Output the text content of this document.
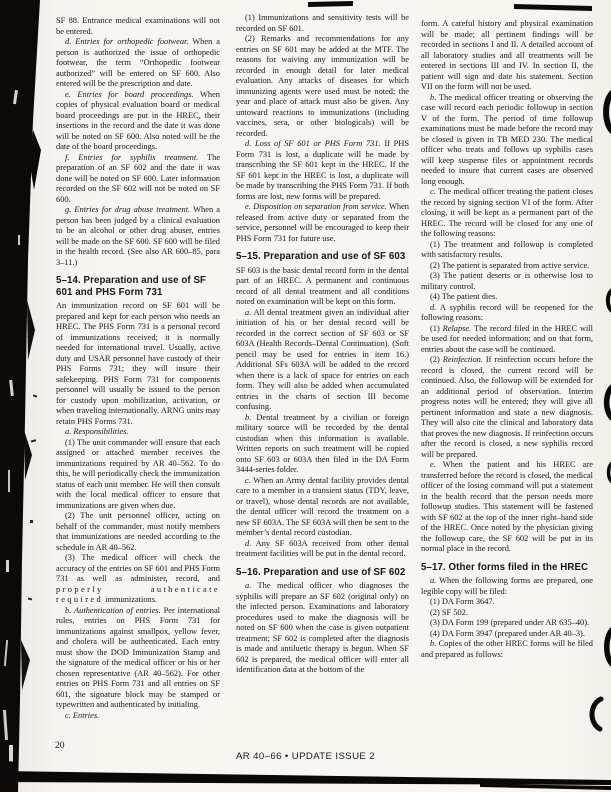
SF 88. Entrance medical examinations will not be entered.

d. Entries for orthopedic footwear. When a person is authorized the issue of orthopedic footwear, the term “Orthopedic footwear authorized” will be entered on SF 600. Also entered will be the prescription and date.

e. Entries for board proceedings. When copies of physical evaluation board or medical board proceedings are put in the HREC, their insertions in the record and the date it was done will be noted on SF 600. Also noted will be the date of the board proceedings.

f. Entries for syphilis treatment. The preparation of an SF 602 and the date it was done will be noted on SF 600. Later information recorded on the SF 602 will not be noted on SF 600.

g. Entries for drug abuse treatment. When a person has been judged by a clinical evaluation to be an alcohol or other drug abuser, entries will be made on the SF 600. SF 600 will be filed in the health record. (See also AR 600–85, para 3–11.)

5–14. Preparation and use of SF 601 and PHS Form 731

An immunization record on SF 601 will be prepared and kept for each person who needs an HREC. The PHS Form 731 is a personal record of immunizations received; it is normally needed for international travel. Usually, active duty and USAR personnel have custody of their PHS Forms 731; they will insure their safekeeping. PHS Form 731 for components personnel will usually be issued to the person for custody upon mobilization, activation, or when traveling internationally. ARNG units may retain PHS Forms 731.

a. Responsibilities.

(1) The unit commander will ensure that each assigned or attached member receives the immunizations required by AR 40–562. To do this, he will periodically check the immunization status of each unit member. He will then consult with the local medical officer to ensure that immunizations are given when due.

(2) The unit personnel officer, acting on behalf of the commander, must notify members that immunizations are needed according to the schedule in AR 40–562.

(3) The medical officer will check the accuracy of the entries on SF 601 and PHS Form 731 as well as administer, record, and properly authenticate required immunizations.

b. Authentication of entries. Per international rules, entries on PHS Form 731 for immunizations against smallpox, yellow fever, and cholera will be authenticated. Each entry must show the DOD Immunization Stamp and the signature of the medical officer or his or her chosen representative (AR 40–562). For other entries on PHS Form 731 and all entries on SF 601, the signature block may be stamped or typewritten and authenticated by initialing.

c. Entries.

(1) Immunizations and sensitivity tests will be recorded on SF 601.

(2) Remarks and recommendations for any entries on SF 601 may be added at the MTF. The reasons for waiving any immunization will be recorded in enough detail for later medical evaluation. Any attacks of diseases for which immunizing agents were used must be noted; the year and place of attack must also be given. Any untoward reactions to immunizations (including vaccines, sera, or other biologicals) will be recorded.

d. Loss of SF 601 or PHS Form 731. If PHS Form 731 is lost, a duplicate will be made by transcribing the SF 601 kept in the HREC. If the SF 601 kept in the HREC is lost, a duplicate will be made by transcribing the PHS Form 731. If both forms are lost, new forms will be prepared.

e. Disposition on separation from service. When released from active duty or separated from the service, personnel will be encouraged to keep their PHS Form 731 for future use.

5–15. Preparation and use of SF 603

SF 603 is the basic dental record form in the dental part of an HREC. A permanent and continuous record of all dental treatment and all conditions noted on examination will be kept on this form.

a. All dental treatment given an individual after initiation of his or her dental record will be recorded in the correct section of SF 603 or SF 603A (Health Records–Dental Continuation). (Soft pencil may be used for entries in item 16.) Additional SFs 603A will be added to the record when there is a lack of space for entries on each form. They will also be added when accumulated entries in the charts of section III become confusing.

b. Dental treatment by a civilian or foreign military source will be recorded by the dental custodian when this information is available. Written reports on such treatment will be copied onto SF 603 or 603A then filed in the DA Form 3444-series folder.

c. When an Army dental facility provides dental care to a member in a transient status (TDY, leave, or travel), whose dental records are not available, the dental officer will record the treatment on a new SF 603A. The SF 603A will then be sent to the member’s dental record custodian.

d. Any SF 603A received from other dental treatment facilities will be put in the dental record.

5–16. Preparation and use of SF 602

a. The medical officer who diagnoses the syphilis will prepare an SF 602 (original only) on the infected person. Examinations and laboratory procedures used to make the diagnosis will be noted on SF 600 when the case is given outpatient treatment; SF 602 is completed after the diagnosis is made and antiluetic therapy is begun. When SF 602 is prepared, the medical officer will enter all identification data at the bottom of the

form. A careful history and physical examination will be made; all pertinent findings will be recorded in sections I and II. A detailed account of all laboratory studies and all treatments will be entered in sections III and IV. In section II, the patient will sign and date his statement. Section VII on the form will not be used.

b. The medical officer treating or observing the case will record each periodic followup in section V of the form. The period of time followup examinations must be made before the record may be closed is given in TB MED 230. The medical officer who treats and follows up syphilis cases will keep suspense files or appointment records needed to insure that current cases are observed long enough.

c. The medical officer treating the patient closes the record by signing section VI of the form. After closing, it will be kept as a permanent part of the HREC. The record will be closed for any one of the following reasons:

(1) The treatment and followup is completed with satisfactory results.

(2) The patient is separated from active service.

(3) The patient deserts or is otherwise lost to military control.

(4) The patient dies.

d. A syphilis record will be reopened for the following reasons:

(1) Relapse. The record filed in the HREC will be used for needed information; and on that form, entries about the case will be continued.

(2) Reinfection. If reinfection occurs before the record is closed, the current record will be continued. Also, the followup will be extended for an additional period of observation. Interim progress notes will be entered; they will give all pertinent information and state a new diagnosis. They will also cite the clinical and laboratory data that proves the new diagnosis. If reinfection occurs after the record is closed, a new syphilis record will be prepared.

e. When the patient and his HREC are transferred before the record is closed, the medical officer of the losing command will put a statement in the health record that the person needs more followup studies. This statement will be fastened with SF 602 at the top of the inner right–hand side of the HREC. Once noted by the physician giving the followup care, the SF 602 will be put in its normal place in the record.

5–17. Other forms filed in the HREC

a. When the following forms are prepared, one legible copy will be filed:

(1) DA Form 3647.

(2) SF 502.

(3) DA Form 199 (prepared under AR 635–40).

(4) DA Form 3947 (prepared under AR 40–3).

b. Copies of the other HREC forms will be filed and prepared as follows:

20
AR 40–66 • UPDATE ISSUE 2
